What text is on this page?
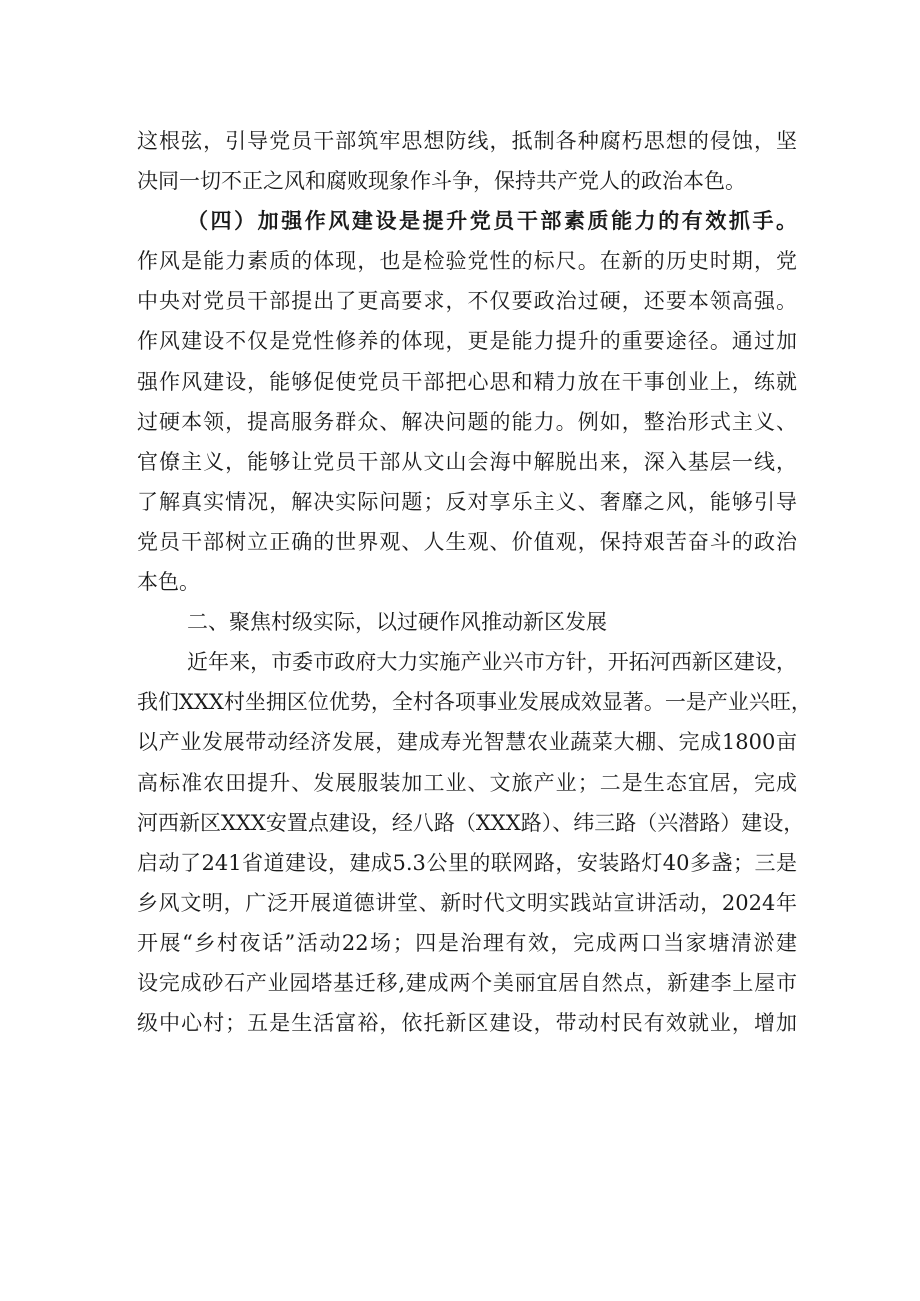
这根弦，引导党员干部筑牢思想防线，抵制各种腐朽思想的侵蚀，坚
决同一切不正之风和腐败现象作斗争，保持共产党人的政治本色。
（四）加强作风建设是提升党员干部素质能力的有效抓手。
作风是能力素质的体现，也是检验党性的标尺。在新的历史时期，党
中央对党员干部提出了更高要求，不仅要政治过硬，还要本领高强。
作风建设不仅是党性修养的体现，更是能力提升的重要途径。通过加
强作风建设，能够促使党员干部把心思和精力放在干事创业上，练就
过硬本领，提高服务群众、解决问题的能力。例如，整治形式主义、
官僚主义，能够让党员干部从文山会海中解脱出来，深入基层一线，
了解真实情况，解决实际问题；反对享乐主义、奢靡之风，能够引导
党员干部树立正确的世界观、人生观、价值观，保持艰苦奋斗的政治
本色。
二、聚焦村级实际，以过硬作风推动新区发展
近年来，市委市政府大力实施产业兴市方针，开拓河西新区建设，
我们XXX村坐拥区位优势，全村各项事业发展成效显著。一是产业兴旺，
以产业发展带动经济发展，建成寿光智慧农业蔬菜大棚、完成1800亩
高标准农田提升、发展服装加工业、文旅产业；二是生态宜居，完成
河西新区XXX安置点建设，经八路（XXX路）、纬三路（兴潜路）建设，
启动了241省道建设，建成5.3公里的联网路，安装路灯40多盏；三是
乡风文明，广泛开展道德讲堂、新时代文明实践站宣讲活动，2024年
开展“乡村夜话”活动22场；四是治理有效，完成两口当家塘清淤建
设完成砂石产业园塔基迁移,建成两个美丽宜居自然点，新建李上屋市
级中心村；五是生活富裕，依托新区建设，带动村民有效就业，增加
